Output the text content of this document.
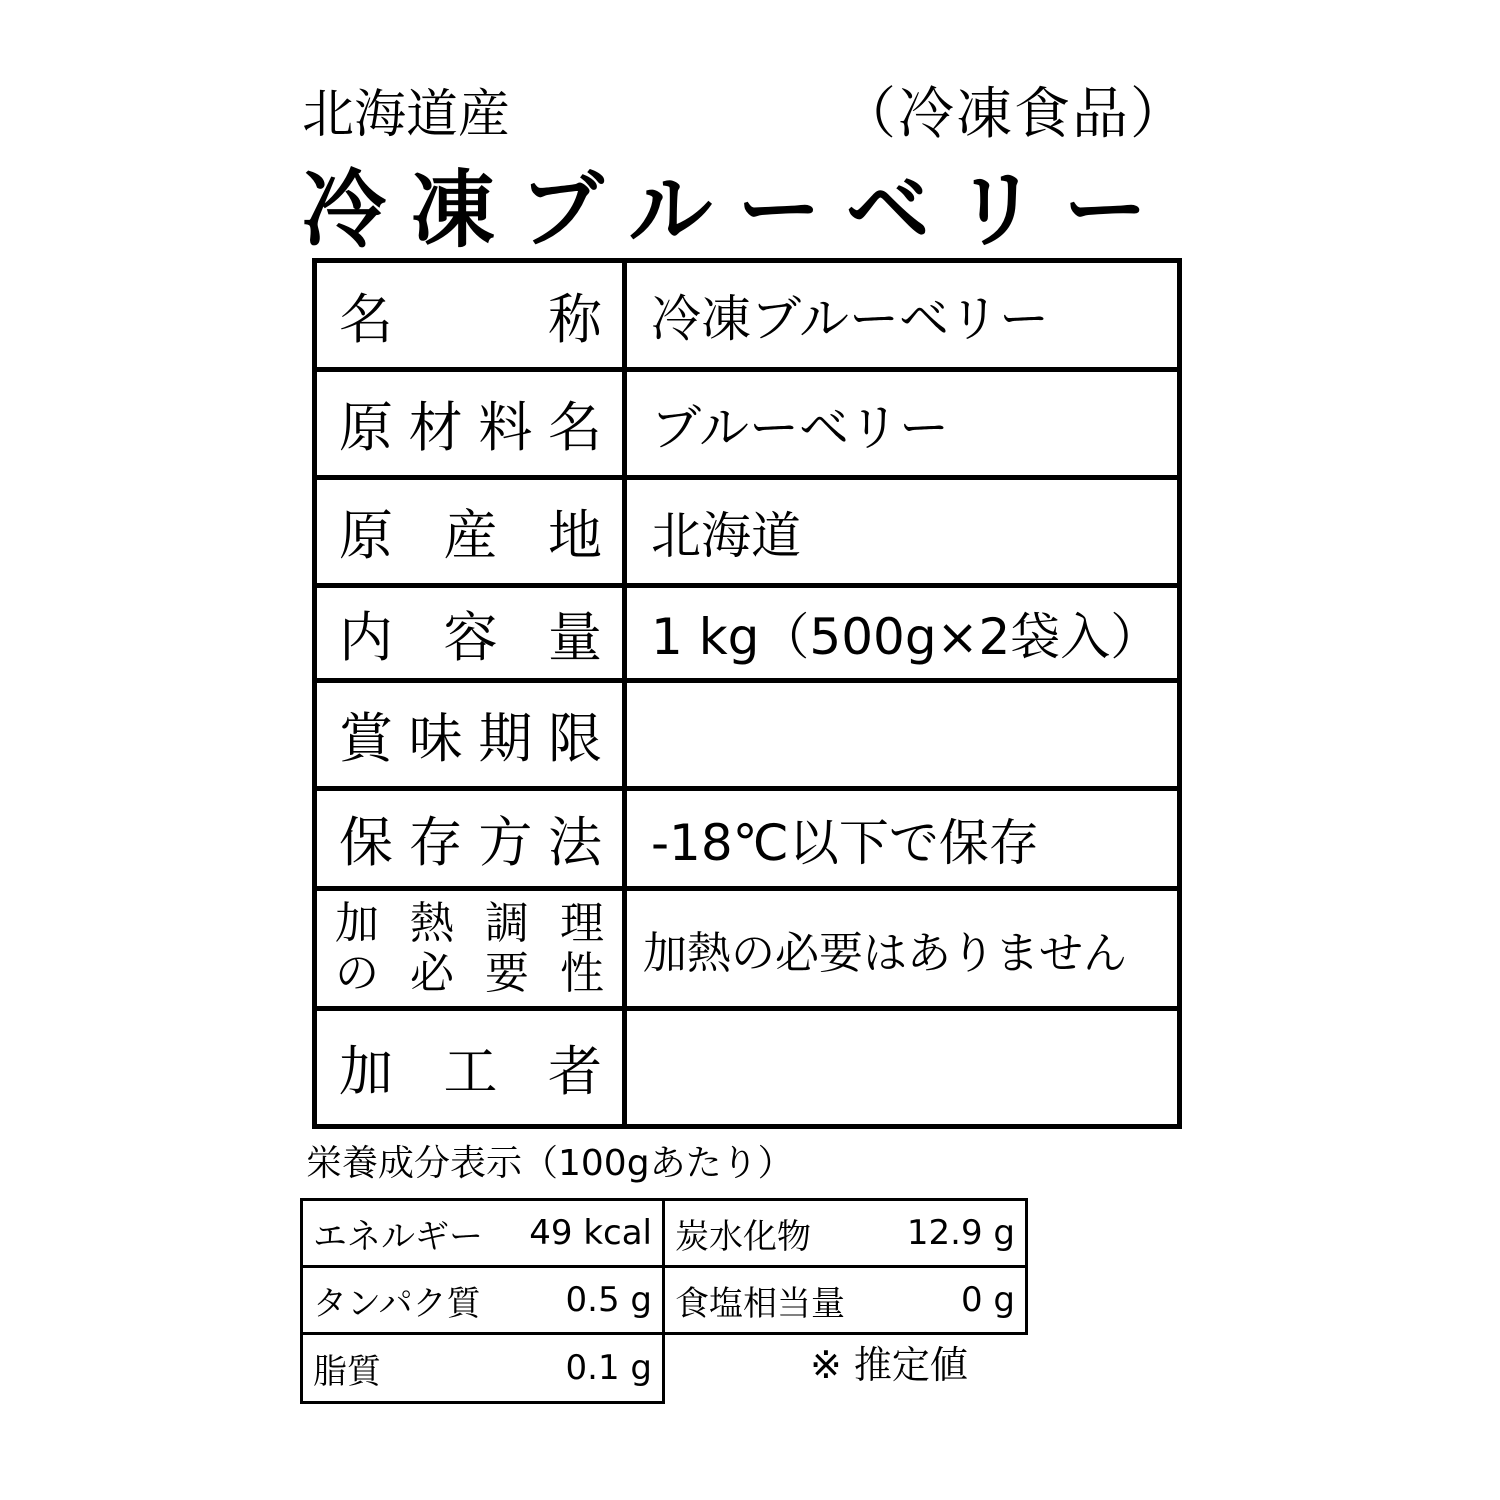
北海道産	（冷凍食品）
冷 凍 ブ ル ー ベ リ ー
名	称 冷凍ブルーベリー
原 材 料 名 ブルーベリー
原 産 地 北海道
内 容 量 1 kg（500g×2袋入）
賞 味 期 限
保 存 方 法 -18℃以下で保存
加 熱 調 理
の 必 要 性 加熱の必要はありません
加 工 者
栄養成分表示（100gあたり）
エネルギー	49 kcal 炭水化物	12.9 g
タンパク質	0.5 g 食塩相当量	0 g
脂質	0.1 g	※ 推定値
